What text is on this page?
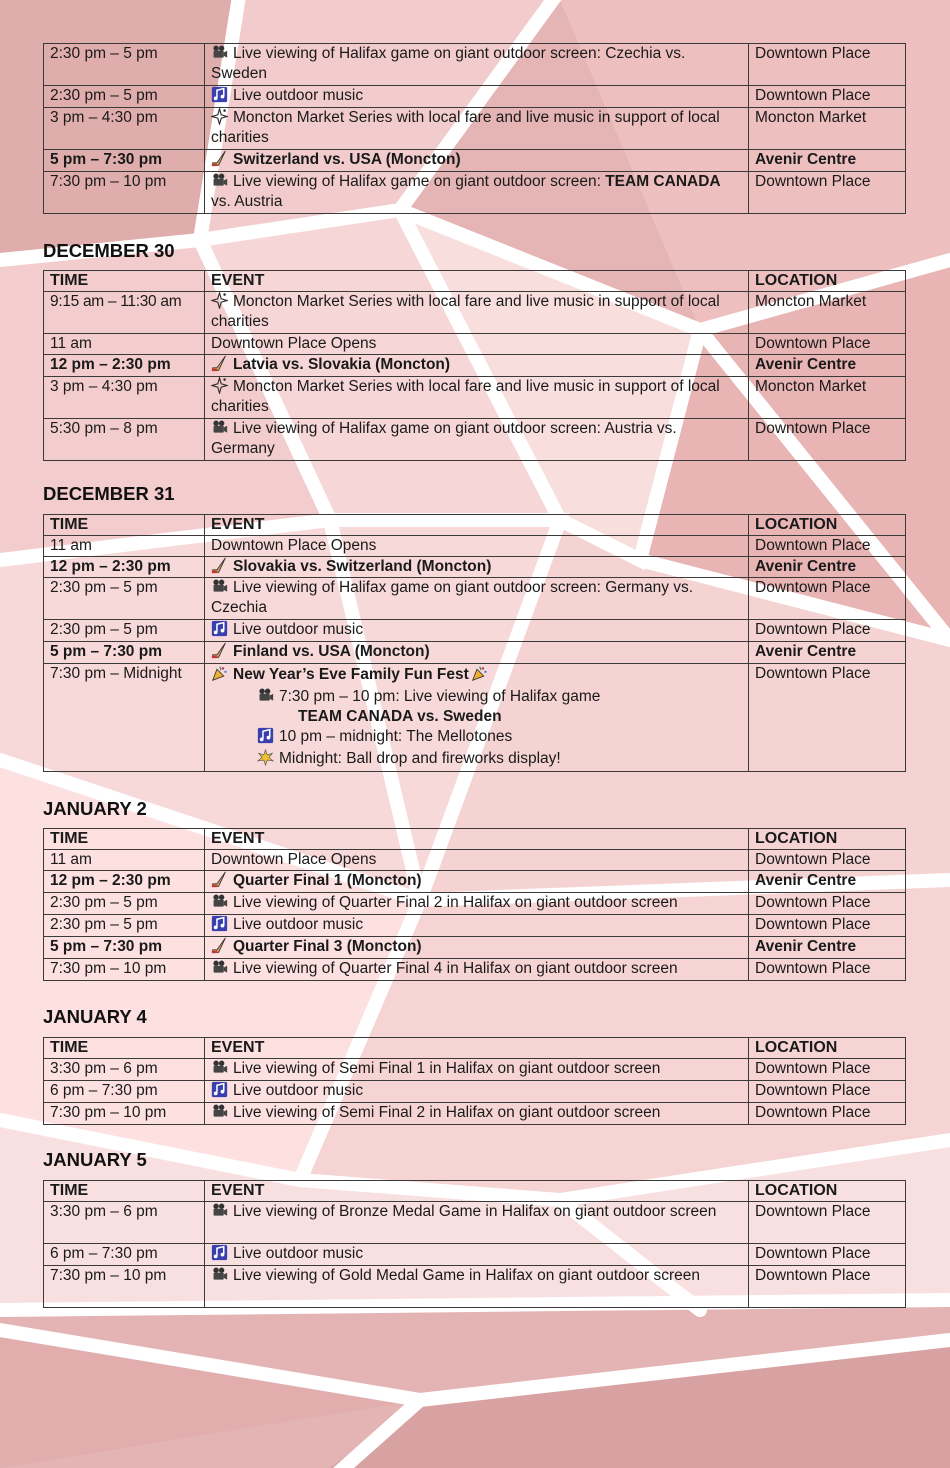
2:30 pm – 5 pm	Live viewing of Halifax game on giant outdoor screen: Czechia vs. Sweden	Downtown Place
2:30 pm – 5 pm	Live outdoor music	Downtown Place
3 pm – 4:30 pm	Moncton Market Series with local fare and live music in support of local charities	Moncton Market
5 pm – 7:30 pm	Switzerland vs. USA (Moncton)	Avenir Centre
7:30 pm – 10 pm	Live viewing of Halifax game on giant outdoor screen: TEAM CANADA vs. Austria	Downtown Place
DECEMBER 30
TIME	EVENT	LOCATION
9:15 am – 11:30 am	Moncton Market Series with local fare and live music in support of local charities	Moncton Market
11 am	Downtown Place Opens	Downtown Place
12 pm – 2:30 pm	Latvia vs. Slovakia (Moncton)	Avenir Centre
3 pm – 4:30 pm	Moncton Market Series with local fare and live music in support of local charities	Moncton Market
5:30 pm – 8 pm	Live viewing of Halifax game on giant outdoor screen: Austria vs. Germany	Downtown Place
DECEMBER 31
TIME	EVENT	LOCATION
11 am	Downtown Place Opens	Downtown Place
12 pm – 2:30 pm	Slovakia vs. Switzerland (Moncton)	Avenir Centre
2:30 pm – 5 pm	Live viewing of Halifax game on giant outdoor screen: Germany vs. Czechia	Downtown Place
2:30 pm – 5 pm	Live outdoor music	Downtown Place
5 pm – 7:30 pm	Finland vs. USA (Moncton)	Avenir Centre
7:30 pm – Midnight	New Year’s Eve Family Fun Fest
7:30 pm – 10 pm: Live viewing of Halifax game
TEAM CANADA vs. Sweden
10 pm – midnight: The Mellotones
Midnight: Ball drop and fireworks display!	Downtown Place
JANUARY 2
TIME	EVENT	LOCATION
11 am	Downtown Place Opens	Downtown Place
12 pm – 2:30 pm	Quarter Final 1 (Moncton)	Avenir Centre
2:30 pm – 5 pm	Live viewing of Quarter Final 2 in Halifax on giant outdoor screen	Downtown Place
2:30 pm – 5 pm	Live outdoor music	Downtown Place
5 pm – 7:30 pm	Quarter Final 3 (Moncton)	Avenir Centre
7:30 pm – 10 pm	Live viewing of Quarter Final 4 in Halifax on giant outdoor screen	Downtown Place
JANUARY 4
TIME	EVENT	LOCATION
3:30 pm – 6 pm	Live viewing of Semi Final 1 in Halifax on giant outdoor screen	Downtown Place
6 pm – 7:30 pm	Live outdoor music	Downtown Place
7:30 pm – 10 pm	Live viewing of Semi Final 2 in Halifax on giant outdoor screen	Downtown Place
JANUARY 5
TIME	EVENT	LOCATION
3:30 pm – 6 pm	Live viewing of Bronze Medal Game in Halifax on giant outdoor screen	Downtown Place
6 pm – 7:30 pm	Live outdoor music	Downtown Place
7:30 pm – 10 pm	Live viewing of Gold Medal Game in Halifax on giant outdoor screen	Downtown Place
